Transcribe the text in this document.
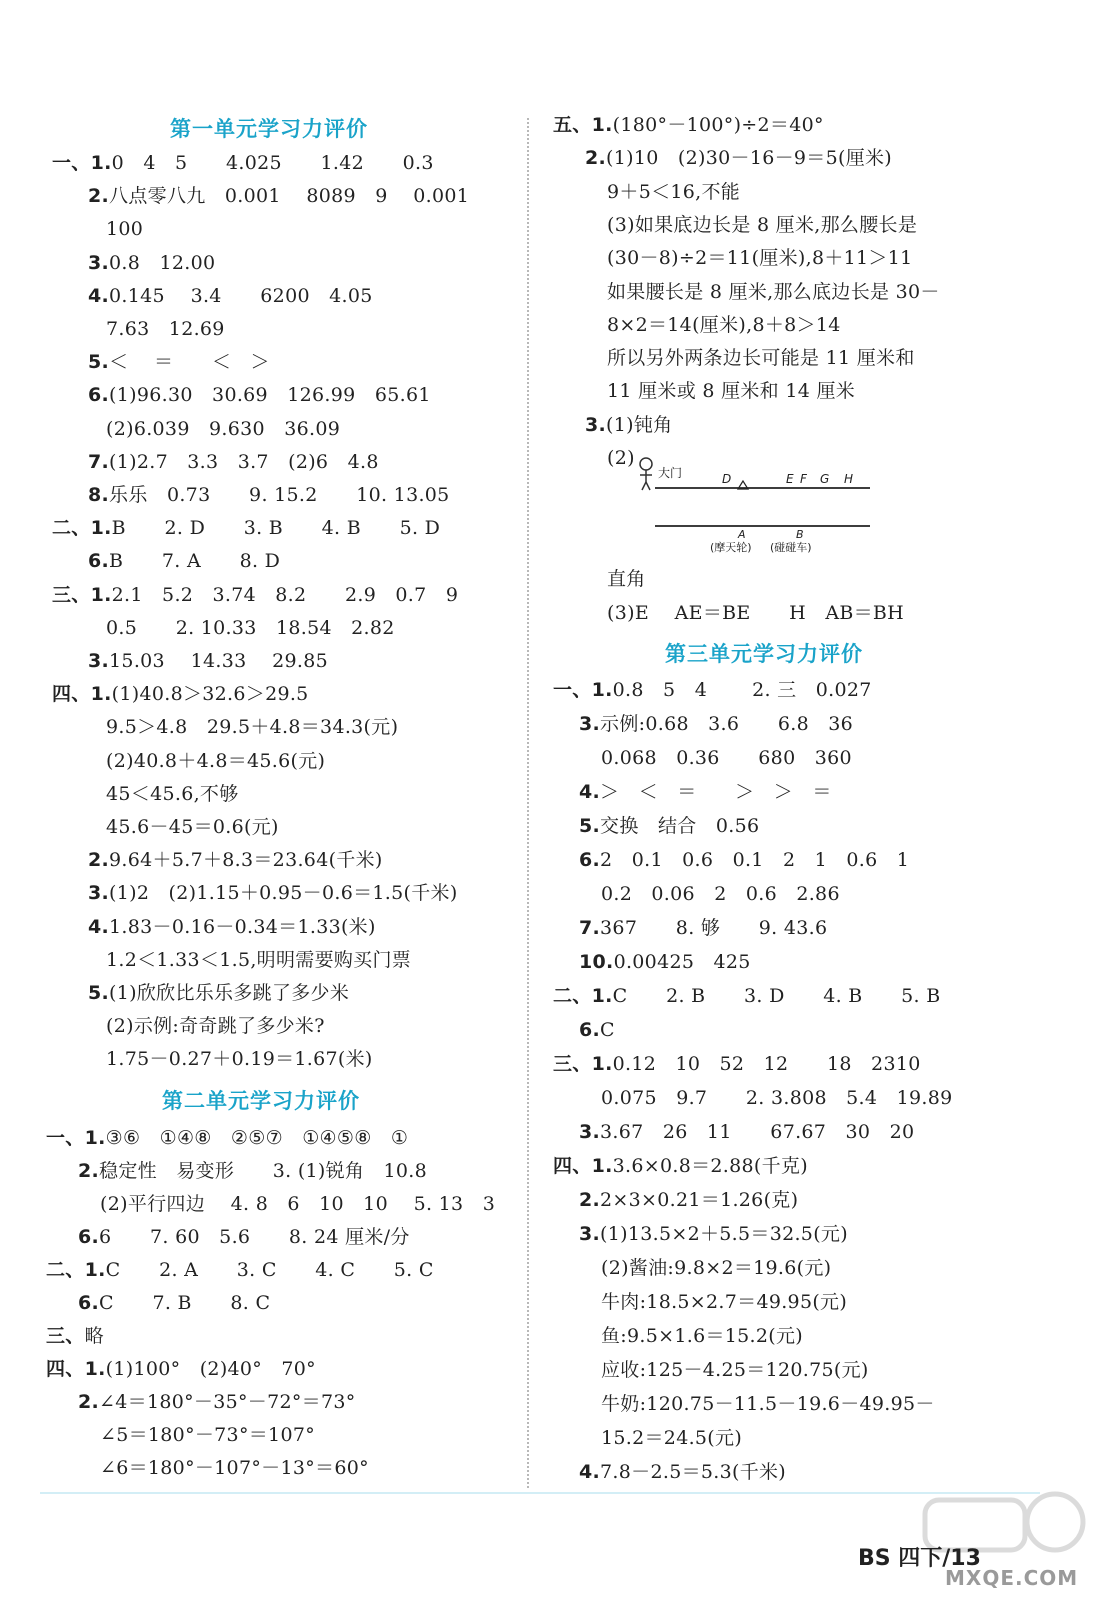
第一单元学习力评价
一、1.0　4　5　　4.025　　1.42　　0.3
2.八点零八九　0.001　 8089　9　 0.001
100
3.0.8　12.00
4.0.145　 3.4　　6200　4.05
7.63　12.69
5.＜　 ＝　　＜　＞
6.(1)96.30　30.69　126.99　65.61
(2)6.039　9.630　36.09
7.(1)2.7　3.3　3.7　(2)6　4.8
8.乐乐　0.73　　9. 15.2　　10. 13.05
二、1.B　　2. D　　3. B　　4. B　　5. D
6.B　　7. A　　8. D
三、1.2.1　5.2　3.74　8.2　　2.9　0.7　9
0.5　　2. 10.33　18.54　2.82
3.15.03　 14.33　 29.85
四、1.(1)40.8＞32.6＞29.5
9.5＞4.8　29.5＋4.8＝34.3(元)
(2)40.8＋4.8＝45.6(元)
45＜45.6,不够
45.6－45＝0.6(元)
2.9.64＋5.7＋8.3＝23.64(千米)
3.(1)2　(2)1.15＋0.95－0.6＝1.5(千米)
4.1.83－0.16－0.34＝1.33(米)
1.2＜1.33＜1.5,明明需要购买门票
5.(1)欣欣比乐乐多跳了多少米
(2)示例:奇奇跳了多少米?
1.75－0.27＋0.19＝1.67(米)
第二单元学习力评价
一、1.③⑥　①④⑧　②⑤⑦　①④⑤⑧　①
2.稳定性　易变形　　3. (1)锐角　10.8
(2)平行四边　 4. 8　6　10　10　 5. 13　3
6.6　　7. 60　5.6　　8. 24 厘米/分
二、1.C　　2. A　　3. C　　4. C　　5. C
6.C　　7. B　　8. C
三、略
四、1.(1)100°　(2)40°　70°
2.∠4＝180°－35°－72°＝73°
∠5＝180°－73°＝107°
∠6＝180°－107°－13°＝60°
五、1.(180°－100°)÷2＝40°
2.(1)10　(2)30－16－9＝5(厘米)
9＋5＜16,不能
(3)如果底边长是 8 厘米,那么腰长是
(30－8)÷2＝11(厘米),8＋11＞11
如果腰长是 8 厘米,那么底边长是 30－
8×2＝14(厘米),8＋8＞14
所以另外两条边长可能是 11 厘米和
11 厘米或 8 厘米和 14 厘米
3.(1)钝角
(2)
直角
(3)E　 AE＝BE　　H　AB＝BH
第三单元学习力评价
一、1.0.8　5　4　　 2. 三　0.027
3.示例:0.68　3.6　　6.8　36
0.068　0.36　　680　360
4.＞　＜　＝　　＞　＞　＝
5.交换　结合　0.56
6.2　0.1　0.6　0.1　2　1　0.6　1
0.2　0.06　2　0.6　2.86
7.367　　8. 够　　9. 43.6
10.0.00425　425
二、1.C　　2. B　　3. D　　4. B　　5. B
6.C
三、1.0.12　10　52　12　　18　2310
0.075　9.7　　2. 3.808　5.4　19.89
3.3.67　26　11　　67.67　30　20
四、1.3.6×0.8＝2.88(千克)
2.2×3×0.21＝1.26(克)
3.(1)13.5×2＋5.5＝32.5(元)
(2)酱油:9.8×2＝19.6(元)
牛肉:18.5×2.7＝49.95(元)
鱼:9.5×1.6＝15.2(元)
应收:125－4.25＝120.75(元)
牛奶:120.75－11.5－19.6－49.95－
15.2＝24.5(元)
4.7.8－2.5＝5.3(千米)
大门	D	E F G H
A	B
(摩天轮) (碰碰车)
MXQE.COM
BS 四下/13
